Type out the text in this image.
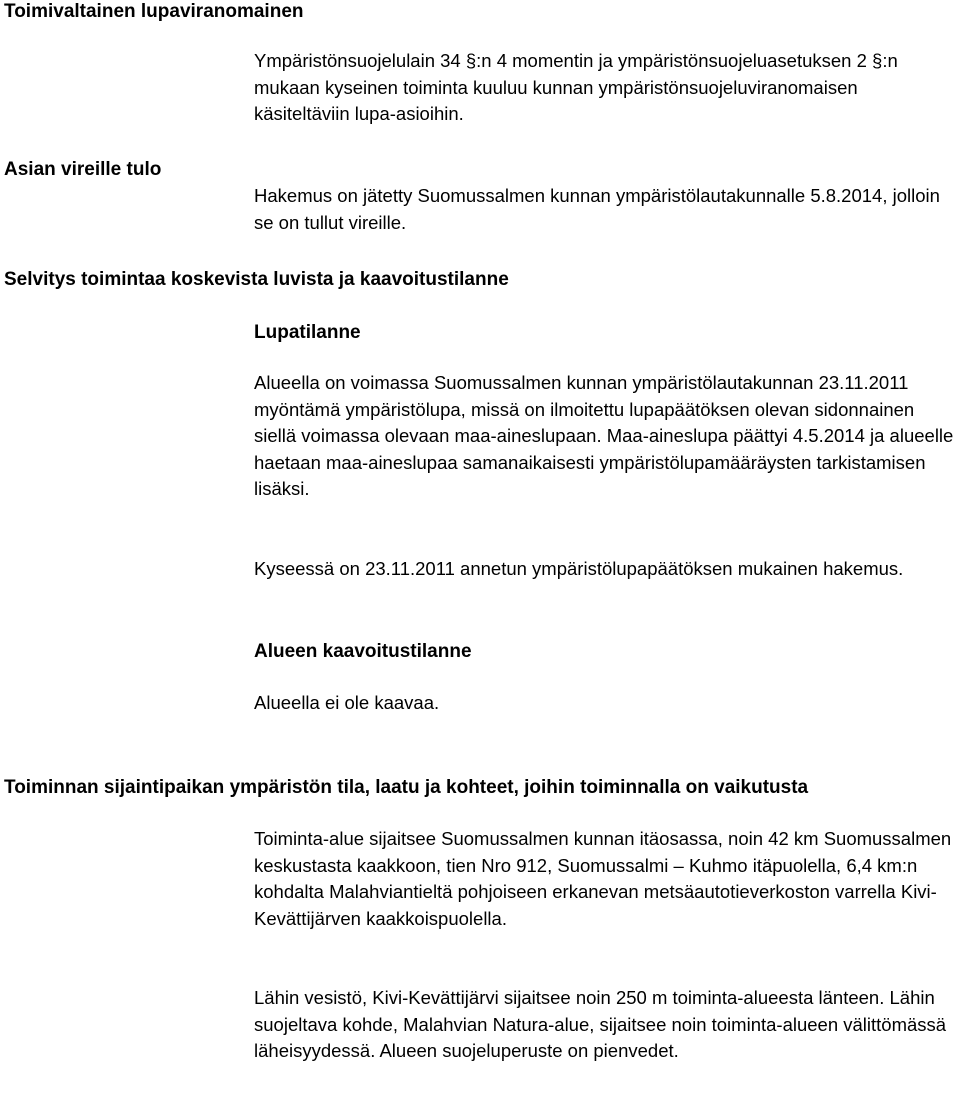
Toimivaltainen lupaviranomainen

Ympäristönsuojelulain 34 §:n 4 momentin ja ympäristönsuojeluasetuksen 2 §:n mukaan kyseinen toiminta kuuluu kunnan ympäristönsuojeluviranomaisen käsiteltäviin lupa-asioihin.

Asian vireille tulo

Hakemus on jätetty Suomussalmen kunnan ympäristölautakunnalle 5.8.2014, jolloin se on tullut vireille.

Selvitys toimintaa koskevista luvista ja kaavoitustilanne
Lupatilanne

Alueella on voimassa Suomussalmen kunnan ympäristölautakunnan 23.11.2011 myöntämä ympäristölupa, missä on ilmoitettu lupapäätöksen olevan sidonnainen siellä voimassa olevaan maa-aineslupaan. Maa-aineslupa päättyi 4.5.2014 ja alueelle haetaan maa-aineslupaa samanaikaisesti ympäristölupamääräysten tarkistamisen lisäksi.

Kyseessä on 23.11.2011 annetun ympäristölupapäätöksen mukainen hakemus.

Alueen kaavoitustilanne

Alueella ei ole kaavaa.

Toiminnan sijaintipaikan ympäristön tila, laatu ja kohteet, joihin toiminnalla on vaikutusta

Toiminta-alue sijaitsee Suomussalmen kunnan itäosassa, noin 42 km Suomussalmen keskustasta kaakkoon, tien Nro 912, Suomussalmi – Kuhmo itäpuolella, 6,4 km:n kohdalta Malahviantieltä pohjoiseen erkanevan metsäautotieverkoston varrella Kivi-Kevättijärven kaakkoispuolella.

Lähin vesistö, Kivi-Kevättijärvi sijaitsee noin 250 m toiminta-alueesta länteen. Lähin suojeltava kohde, Malahvian Natura-alue, sijaitsee noin toiminta-alueen välittömässä läheisyydessä. Alueen suojeluperuste on pienvedet.
